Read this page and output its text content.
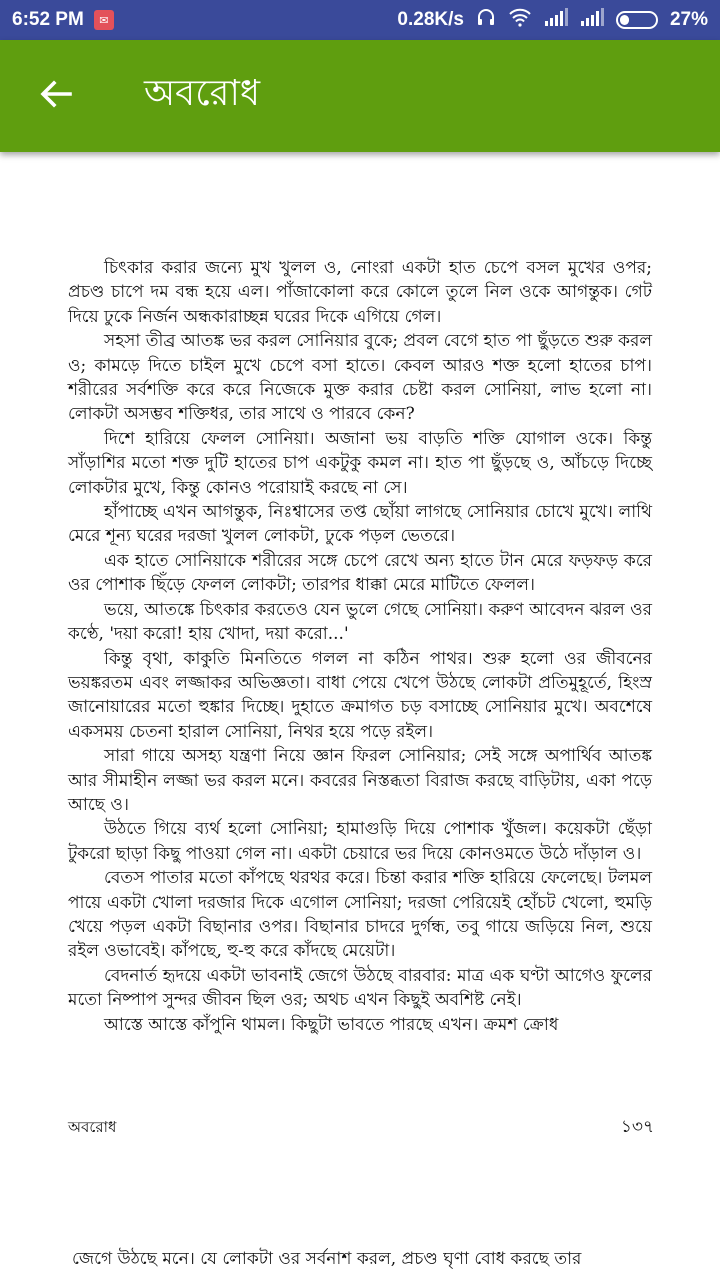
6:52 PM	✉	0.28K/s	27%
অবরোধ

চিৎকার করার জন্যে মুখ খুলল ও, নোংরা একটা হাত চেপে বসল মুখের ওপর; প্রচণ্ড চাপে দম বন্ধ হয়ে এল। পাঁজাকোলা করে কোলে তুলে নিল ওকে আগন্তুক। গেট দিয়ে ঢুকে নির্জন অন্ধকারাচ্ছন্ন ঘরের দিকে এগিয়ে গেল।

সহসা তীব্র আতঙ্ক ভর করল সোনিয়ার বুকে; প্রবল বেগে হাত পা ছুঁড়তে শুরু করল ও; কামড়ে দিতে চাইল মুখে চেপে বসা হাতে। কেবল আরও শক্ত হলো হাতের চাপ। শরীরের সর্বশক্তি করে করে নিজেকে মুক্ত করার চেষ্টা করল সোনিয়া, লাভ হলো না। লোকটা অসম্ভব শক্তিধর, তার সাথে ও পারবে কেন?

দিশে হারিয়ে ফেলল সোনিয়া। অজানা ভয় বাড়তি শক্তি যোগাল ওকে। কিন্তু সাঁড়াশির মতো শক্ত দুটি হাতের চাপ একটুকু কমল না। হাত পা ছুঁড়ছে ও, আঁচড়ে দিচ্ছে লোকটার মুখে, কিন্তু কোনও পরোয়াই করছে না সে।

হাঁপাচ্ছে এখন আগন্তুক, নিঃশ্বাসের তপ্ত ছোঁয়া লাগছে সোনিয়ার চোখে মুখে। লাথি মেরে শূন্য ঘরের দরজা খুলল লোকটা, ঢুকে পড়ল ভেতরে।

এক হাতে সোনিয়াকে শরীরের সঙ্গে চেপে রেখে অন্য হাতে টান মেরে ফড়ফড় করে ওর পোশাক ছিঁড়ে ফেলল লোকটা; তারপর ধাক্কা মেরে মাটিতে ফেলল।

ভয়ে, আতঙ্কে চিৎকার করতেও যেন ভুলে গেছে সোনিয়া। করুণ আবেদন ঝরল ওর কণ্ঠে, 'দয়া করো! হায় খোদা, দয়া করো...'

কিন্তু বৃথা, কাকুতি মিনতিতে গলল না কঠিন পাথর। শুরু হলো ওর জীবনের ভয়ঙ্করতম এবং লজ্জাকর অভিজ্ঞতা। বাধা পেয়ে খেপে উঠছে লোকটা প্রতিমুহূর্তে, হিংস্র জানোয়ারের মতো হুঙ্কার দিচ্ছে। দুহাতে ক্রমাগত চড় বসাচ্ছে সোনিয়ার মুখে। অবশেষে একসময় চেতনা হারাল সোনিয়া, নিথর হয়ে পড়ে রইল।

সারা গায়ে অসহ্য যন্ত্রণা নিয়ে জ্ঞান ফিরল সোনিয়ার; সেই সঙ্গে অপার্থিব আতঙ্ক আর সীমাহীন লজ্জা ভর করল মনে। কবরের নিস্তব্ধতা বিরাজ করছে বাড়িটায়, একা পড়ে আছে ও।

উঠতে গিয়ে ব্যর্থ হলো সোনিয়া; হামাগুড়ি দিয়ে পোশাক খুঁজল। কয়েকটা ছেঁড়া টুকরো ছাড়া কিছু পাওয়া গেল না। একটা চেয়ারে ভর দিয়ে কোনওমতে উঠে দাঁড়াল ও।

বেতস পাতার মতো কাঁপছে থরথর করে। চিন্তা করার শক্তি হারিয়ে ফেলেছে। টলমল পায়ে একটা খোলা দরজার দিকে এগোল সোনিয়া; দরজা পেরিয়েই হোঁচট খেলো, হুমড়ি খেয়ে পড়ল একটা বিছানার ওপর। বিছানার চাদরে দুর্গন্ধ, তবু গায়ে জড়িয়ে নিল, শুয়ে রইল ওভাবেই। কাঁপছে, হু-হু করে কাঁদছে মেয়েটা।

বেদনার্ত হৃদয়ে একটা ভাবনাই জেগে উঠছে বারবার: মাত্র এক ঘণ্টা আগেও ফুলের মতো নিষ্পাপ সুন্দর জীবন ছিল ওর; অথচ এখন কিছুই অবশিষ্ট নেই।

আস্তে আস্তে কাঁপুনি থামল। কিছুটা ভাবতে পারছে এখন। ক্রমশ ক্রোধ

অবরোধ	১৩৭
জেগে উঠছে মনে। যে লোকটা ওর সর্বনাশ করল, প্রচণ্ড ঘৃণা বোধ করছে তার
